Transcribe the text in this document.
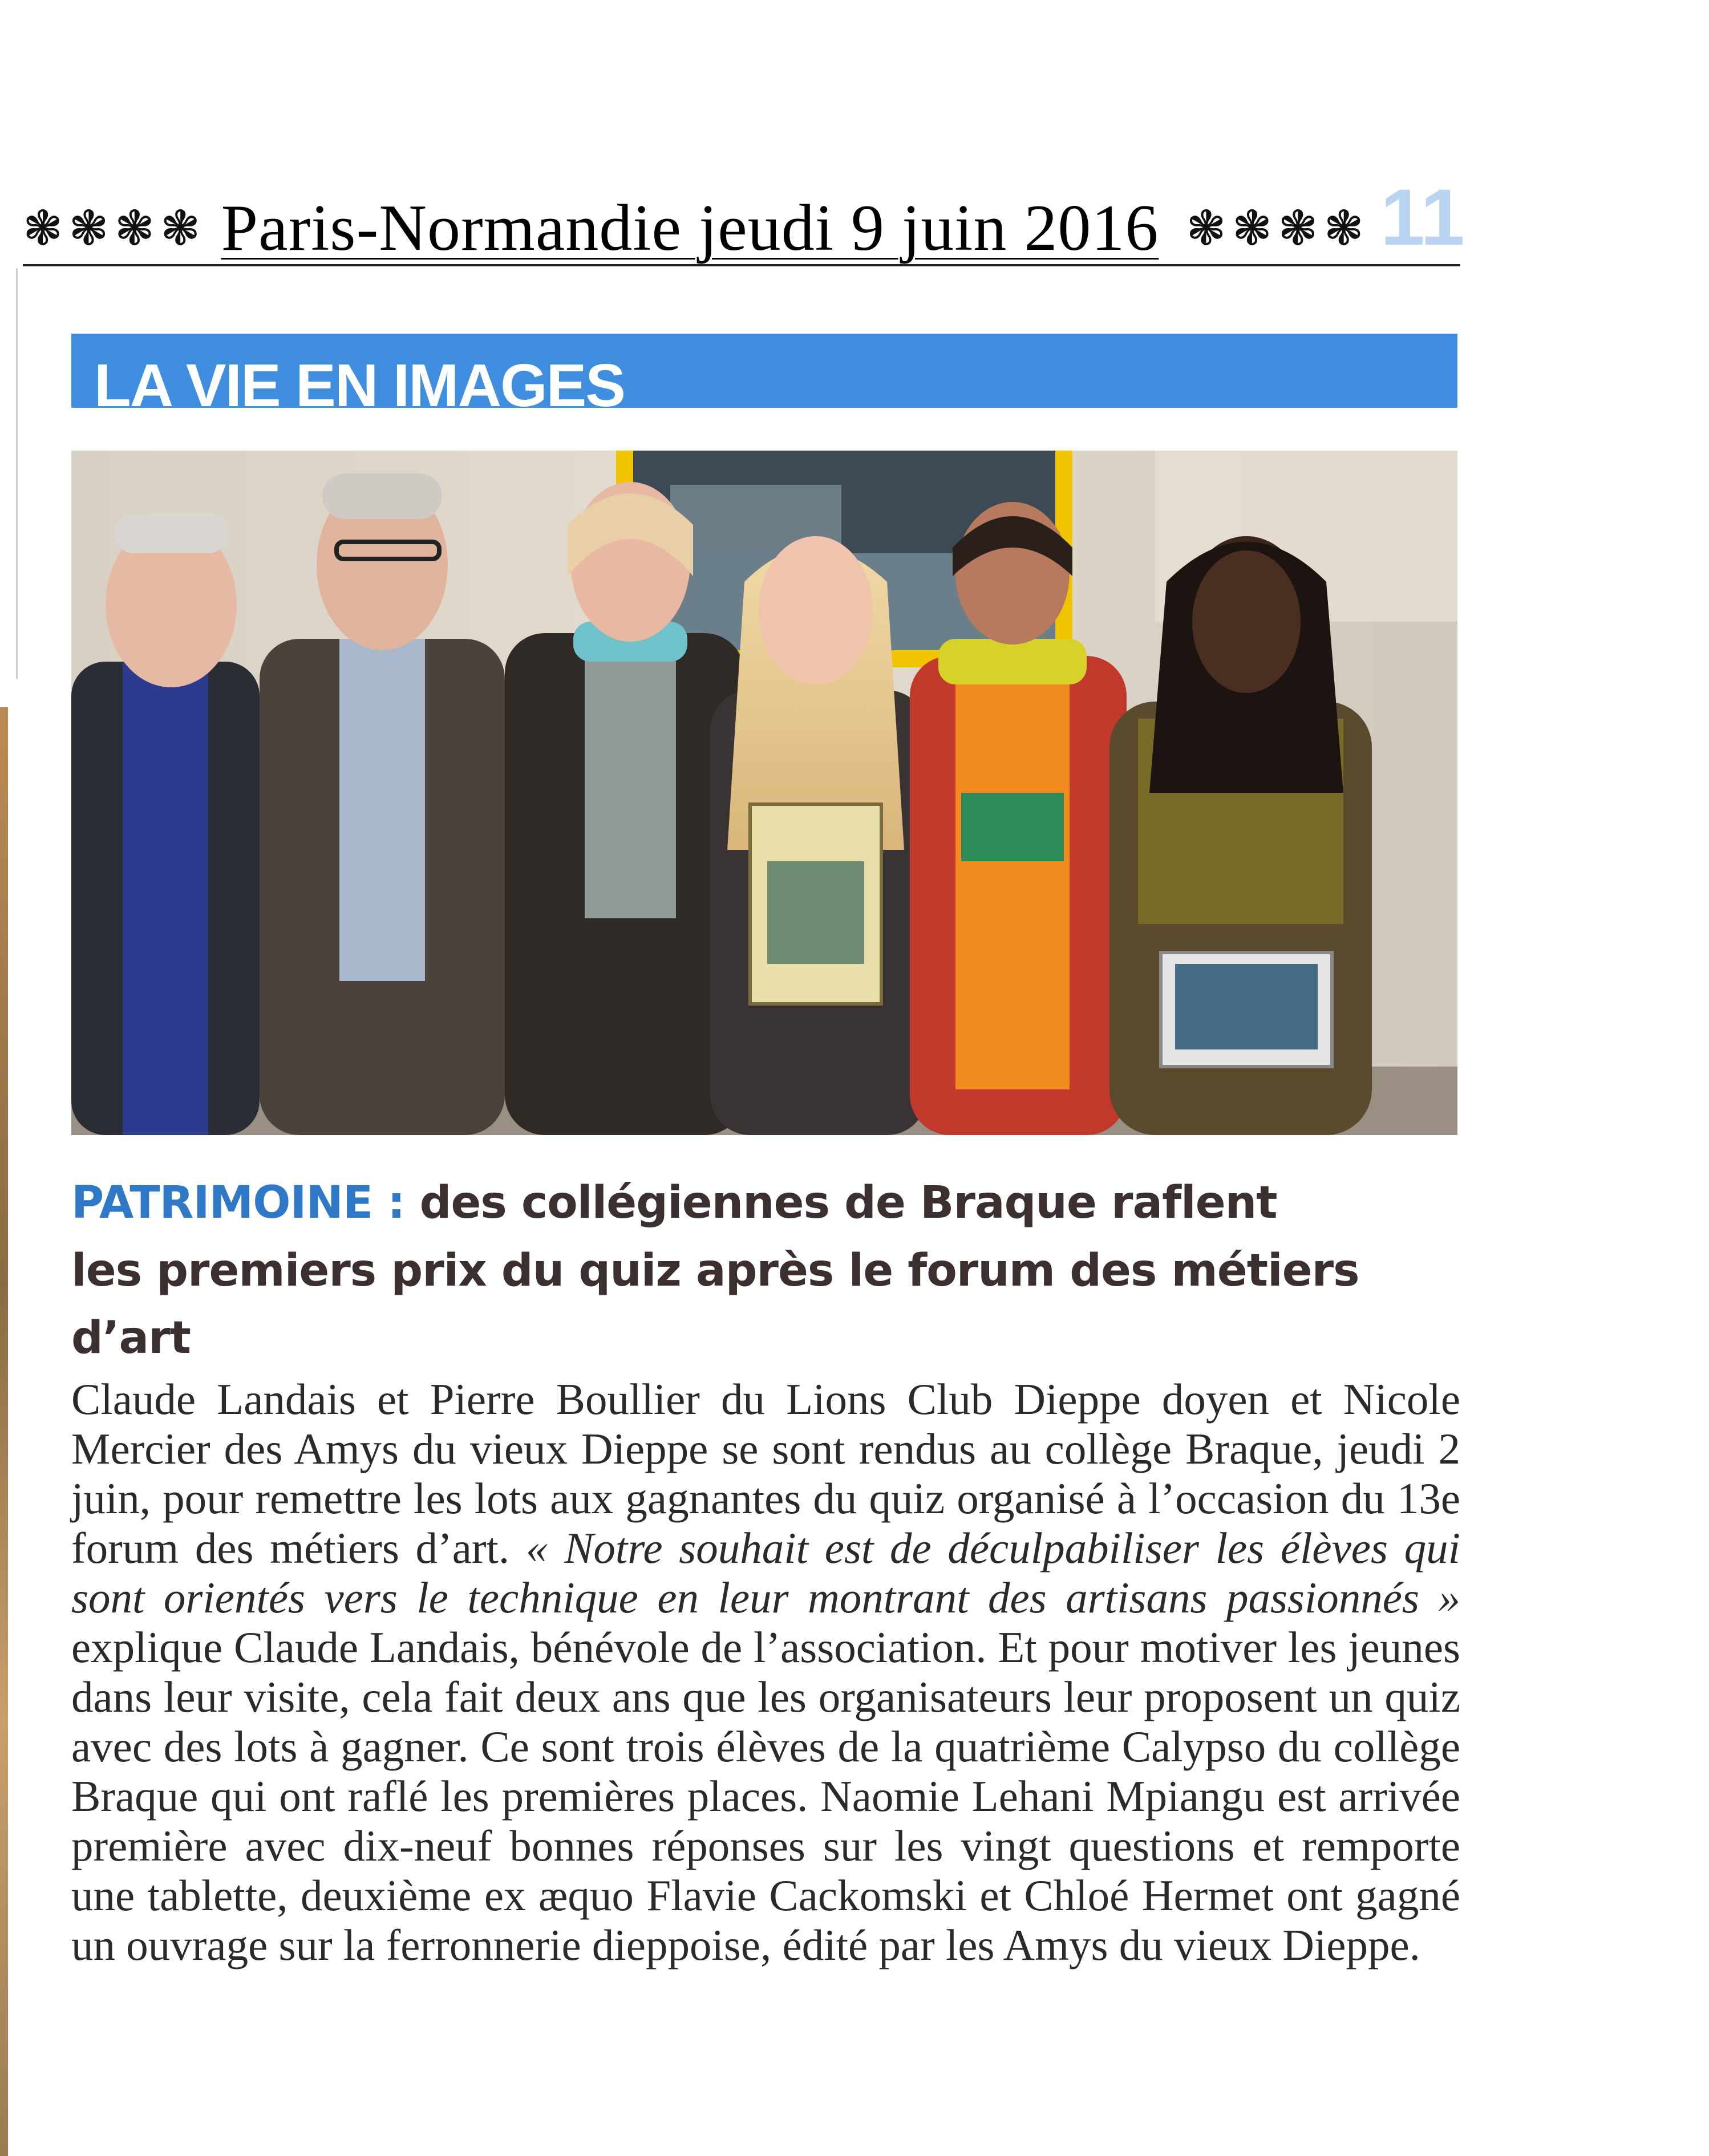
❃ ❃ ❃ ❃ Paris-Normandie jeudi 9 juin 2016 ❃ ❃ ❃ ❃ 11
LA VIE EN IMAGES

PATRIMOINE : des collégiennes de Braque raflent

les premiers prix du quiz après le forum des métiers d’art

Claude Landais et Pierre Boullier du Lions Club Dieppe doyen et Nicole Mercier des Amys du vieux Dieppe se sont rendus au collège Braque, jeudi 2 juin, pour remettre les lots aux gagnantes du quiz organisé à l’occasion du 13e forum des métiers d’art. « Notre souhait est de déculpabiliser les élèves qui sont orientés vers le technique en leur montrant des artisans passionnés » explique Claude Landais, bénévole de l’association. Et pour motiver les jeunes dans leur visite, cela fait deux ans que les organisateurs leur proposent un quiz avec des lots à gagner. Ce sont trois élèves de la quatrième Calypso du collège Braque qui ont raflé les premières places. Naomie Lehani Mpiangu est arrivée première avec dix-neuf bonnes réponses sur les vingt questions et remporte une tablette, deuxième ex æquo Flavie Cackomski et Chloé Hermet ont gagné un ouvrage sur la ferronnerie dieppoise, édité par les Amys du vieux Dieppe.
